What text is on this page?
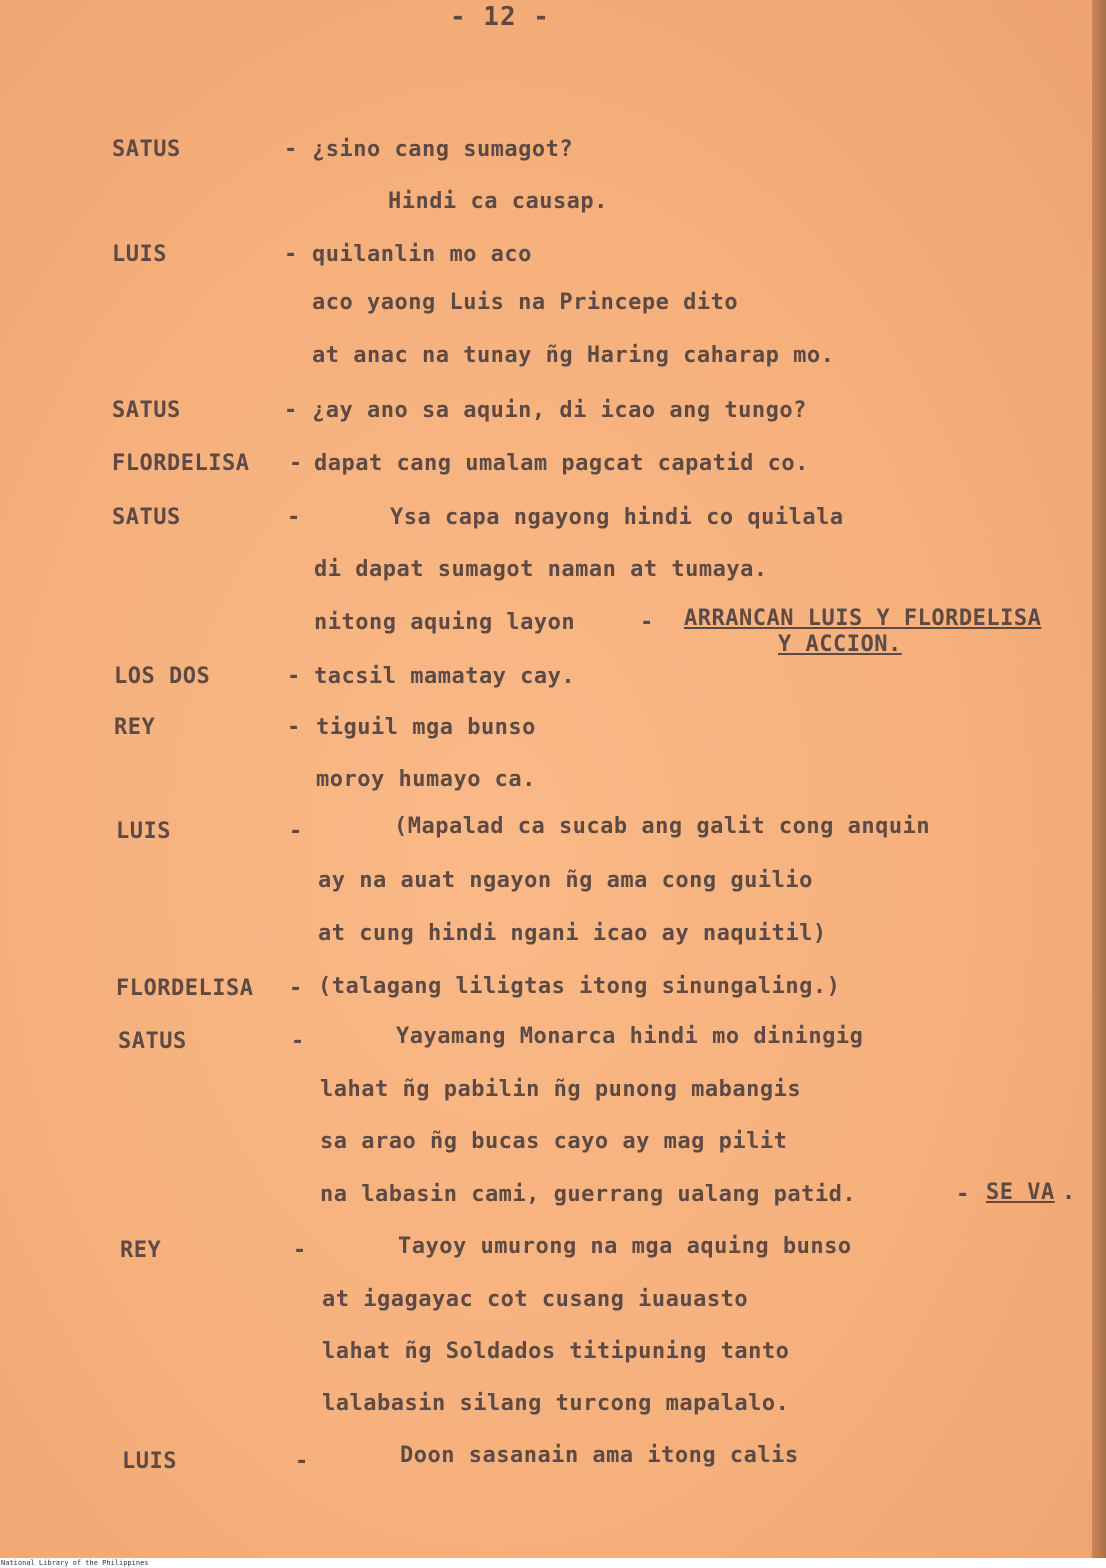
- 12 -
SATUS	- ¿sino cang sumagot?
Hindi ca causap.
LUIS	- quilanlin mo aco
aco yaong Luis na Princepe dito
at anac na tunay ñg Haring caharap mo.
SATUS	- ¿ay ano sa aquin, di icao ang tungo?
FLORDELISA - dapat cang umalam pagcat capatid co.
SATUS	-	Ysa capa ngayong hindi co quilala
di dapat sumagot naman at tumaya.
nitong aquing layon	- ARRANCAN LUIS Y FLORDELISA
Y ACCION.
LOS DOS	- tacsil mamatay cay.
REY	- tiguil mga bunso
moroy humayo ca.
LUIS	-	(Mapalad ca sucab ang galit cong anquin
ay na auat ngayon ñg ama cong guilio
at cung hindi ngani icao ay naquitil)
FLORDELISA - (talagang liligtas itong sinungaling.)
SATUS	-	Yayamang Monarca hindi mo diningig
lahat ñg pabilin ñg punong mabangis
sa arao ñg bucas cayo ay mag pilit
na labasin cami, guerrang ualang patid.	- SE VA .
REY	-	Tayoy umurong na mga aquing bunso
at igagayac cot cusang iuauasto
lahat ñg Soldados titipuning tanto
lalabasin silang turcong mapalalo.
LUIS	-	Doon sasanain ama itong calis
National Library of the Philippines
